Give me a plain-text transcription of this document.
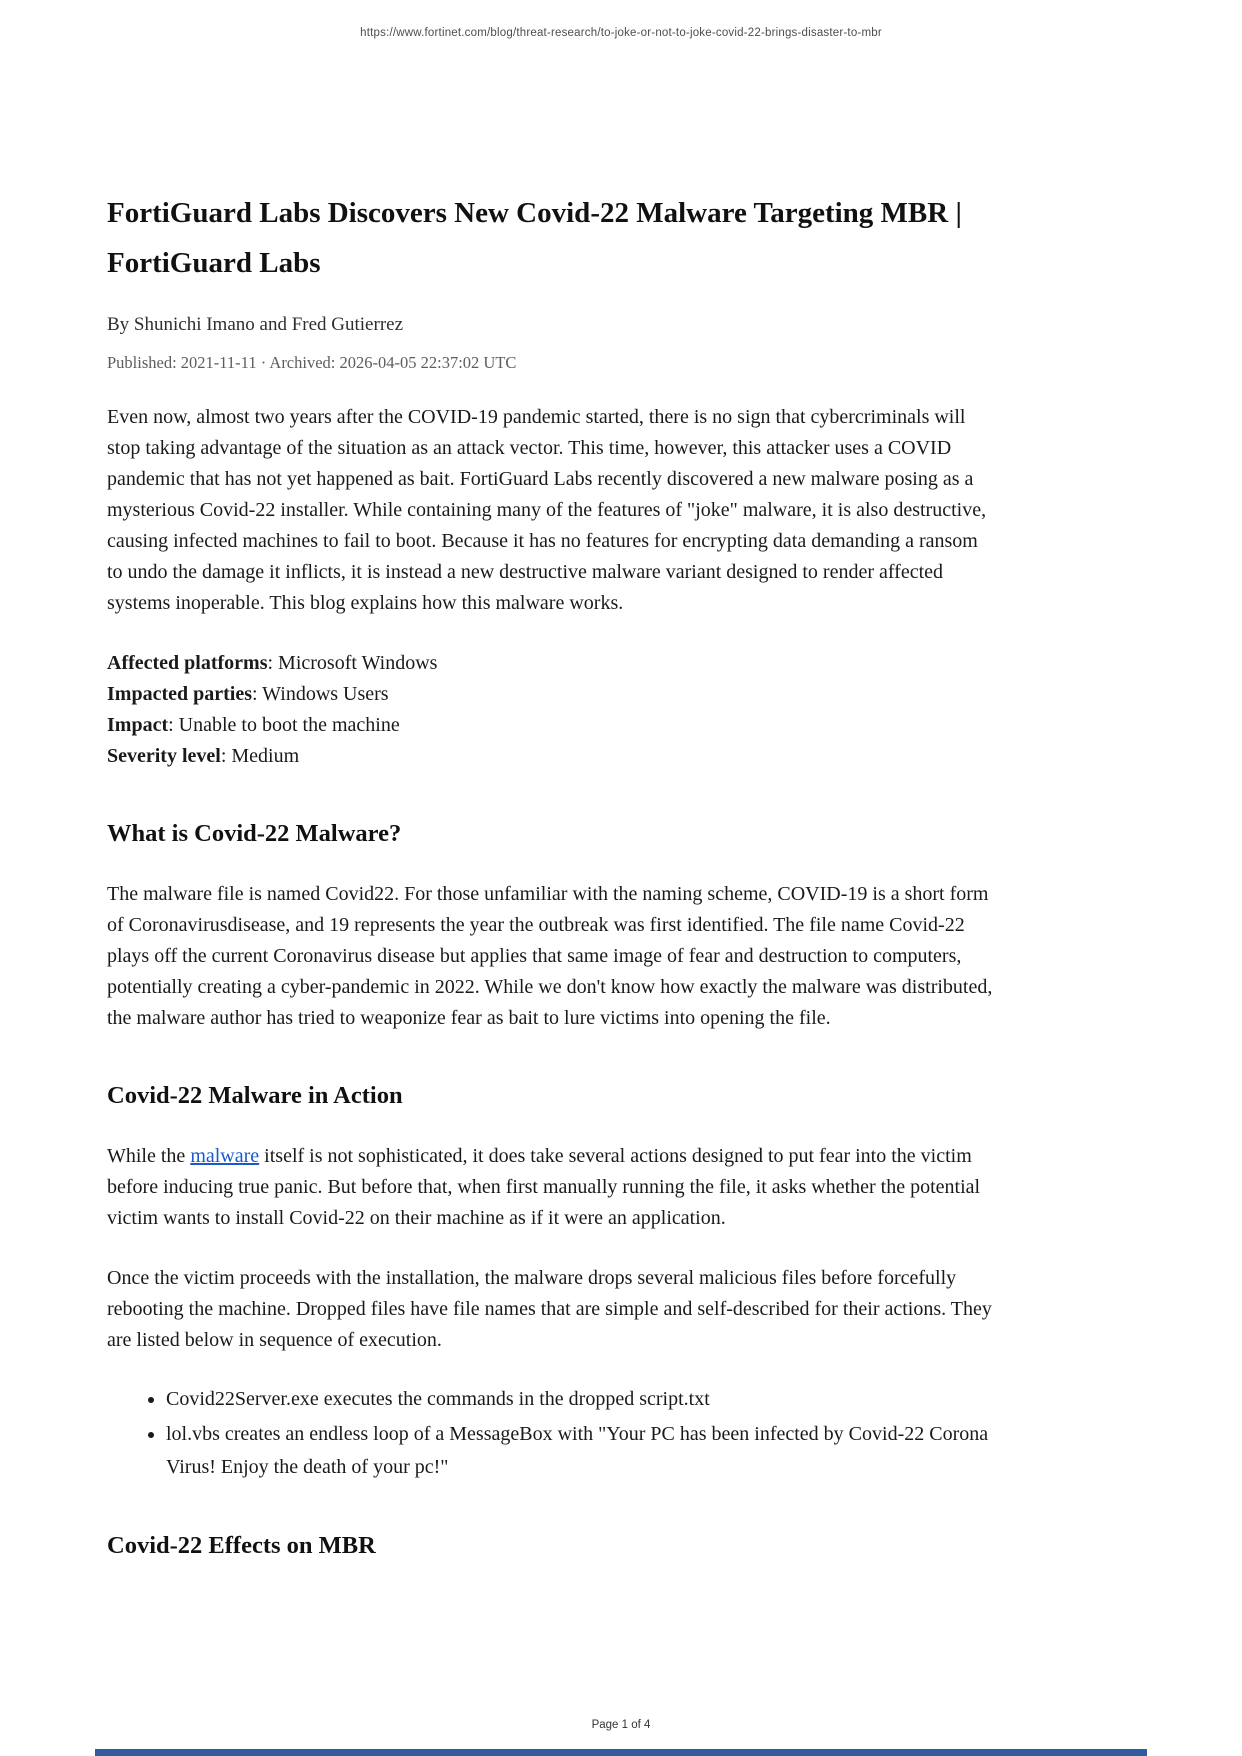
https://www.fortinet.com/blog/threat-research/to-joke-or-not-to-joke-covid-22-brings-disaster-to-mbr
FortiGuard Labs Discovers New Covid-22 Malware Targeting MBR | FortiGuard Labs

By Shunichi Imano and Fred Gutierrez

Published: 2021-11-11 · Archived: 2026-04-05 22:37:02 UTC

Even now, almost two years after the COVID-19 pandemic started, there is no sign that cybercriminals will stop taking advantage of the situation as an attack vector. This time, however, this attacker uses a COVID pandemic that has not yet happened as bait. FortiGuard Labs recently discovered a new malware posing as a mysterious Covid-22 installer. While containing many of the features of "joke" malware, it is also destructive, causing infected machines to fail to boot. Because it has no features for encrypting data demanding a ransom to undo the damage it inflicts, it is instead a new destructive malware variant designed to render affected systems inoperable. This blog explains how this malware works.

Affected platforms: Microsoft Windows
Impacted parties: Windows Users
Impact: Unable to boot the machine
Severity level: Medium
What is Covid-22 Malware?

The malware file is named Covid22. For those unfamiliar with the naming scheme, COVID-19 is a short form of Coronavirusdisease, and 19 represents the year the outbreak was first identified. The file name Covid-22 plays off the current Coronavirus disease but applies that same image of fear and destruction to computers, potentially creating a cyber-pandemic in 2022. While we don't know how exactly the malware was distributed, the malware author has tried to weaponize fear as bait to lure victims into opening the file.

Covid-22 Malware in Action

While the malware itself is not sophisticated, it does take several actions designed to put fear into the victim before inducing true panic. But before that, when first manually running the file, it asks whether the potential victim wants to install Covid-22 on their machine as if it were an application.

Once the victim proceeds with the installation, the malware drops several malicious files before forcefully rebooting the machine. Dropped files have file names that are simple and self-described for their actions. They are listed below in sequence of execution.

• Covid22Server.exe executes the commands in the dropped script.txt
• lol.vbs creates an endless loop of a MessageBox with "Your PC has been infected by Covid-22 Corona Virus! Enjoy the death of your pc!"
Covid-22 Effects on MBR
Page 1 of 4
